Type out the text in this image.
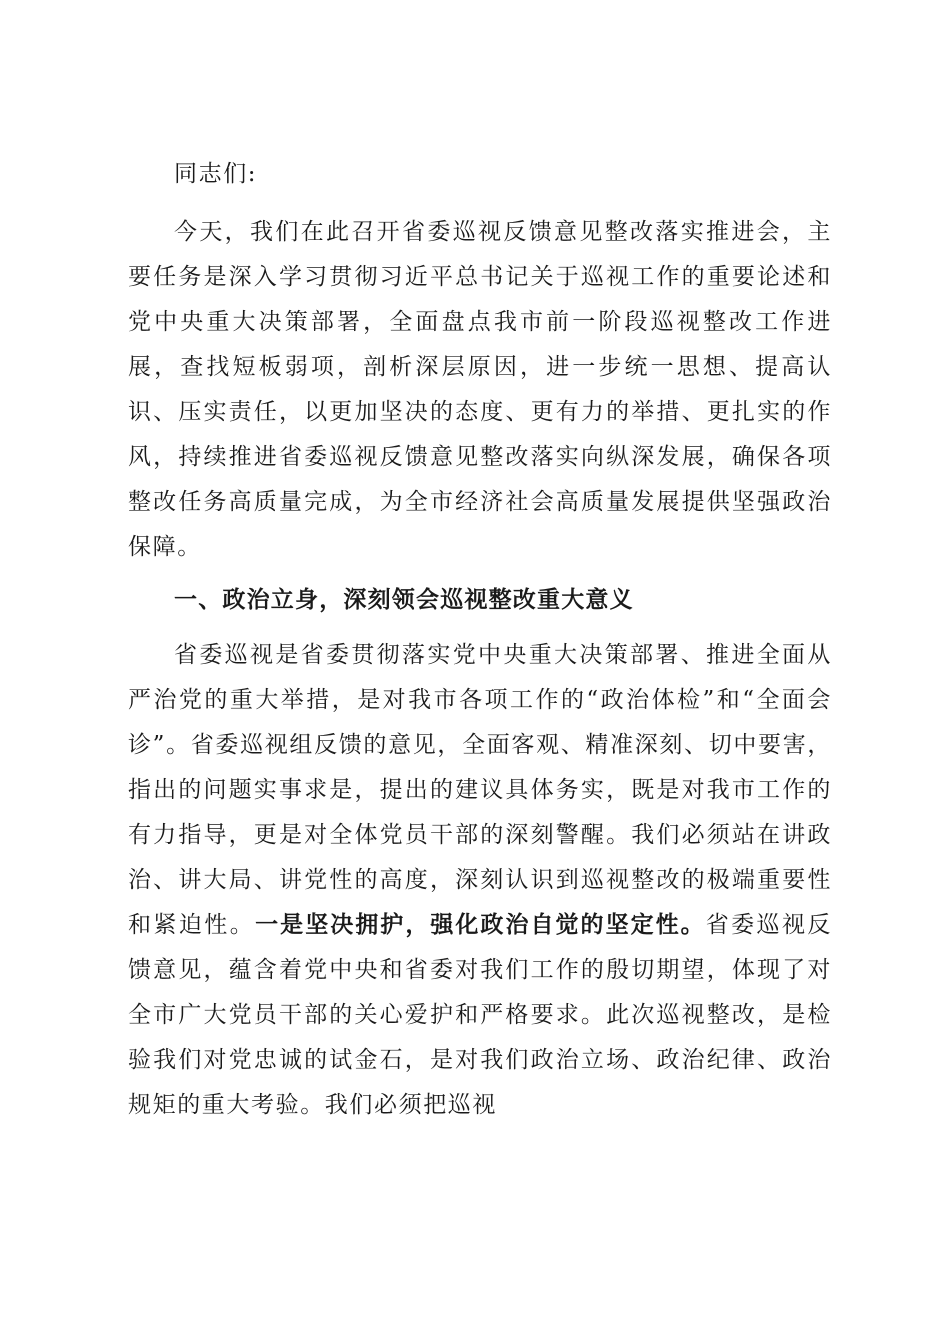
同志们:

今天，我们在此召开省委巡视反馈意见整改落实推进会，主要任务是深入学习贯彻习近平总书记关于巡视工作的重要论述和党中央重大决策部署，全面盘点我市前一阶段巡视整改工作进展，查找短板弱项，剖析深层原因，进一步统一思想、提高认识、压实责任，以更加坚决的态度、更有力的举措、更扎实的作风，持续推进省委巡视反馈意见整改落实向纵深发展，确保各项整改任务高质量完成，为全市经济社会高质量发展提供坚强政治保障。

一、政治立身，深刻领会巡视整改重大意义

省委巡视是省委贯彻落实党中央重大决策部署、推进全面从严治党的重大举措，是对我市各项工作的“政治体检”和“全面会诊”。省委巡视组反馈的意见，全面客观、精准深刻、切中要害，指出的问题实事求是，提出的建议具体务实，既是对我市工作的有力指导，更是对全体党员干部的深刻警醒。我们必须站在讲政治、讲大局、讲党性的高度，深刻认识到巡视整改的极端重要性和紧迫性。一是坚决拥护，强化政治自觉的坚定性。省委巡视反馈意见，蕴含着党中央和省委对我们工作的殷切期望，体现了对全市广大党员干部的关心爱护和严格要求。此次巡视整改，是检验我们对党忠诚的试金石，是对我们政治立场、政治纪律、政治规矩的重大考验。我们必须把巡视
